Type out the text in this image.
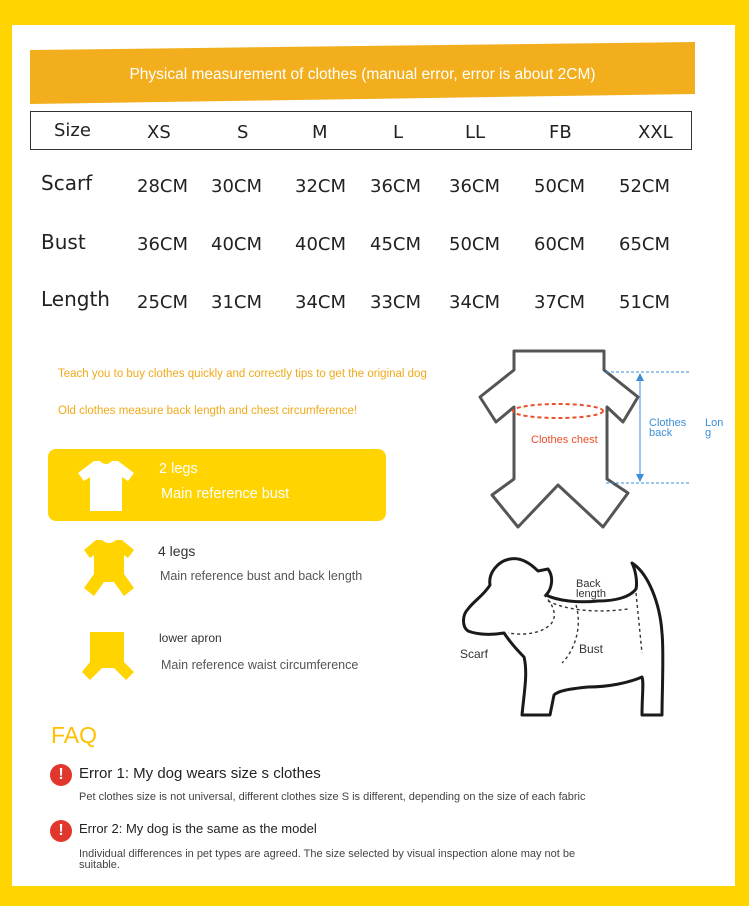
Physical measurement of clothes (manual error, error is about 2CM)
Size	XS	S	M	L	LL	FB	XXL
Scarf 28CM 30CM 32CM 36CM 36CM 50CM 52CM
Bust	36CM 40CM 40CM 45CM 50CM 60CM 65CM
Length 25CM 31CM 34CM 33CM 34CM 37CM 51CM
Teach you to buy clothes quickly and correctly tips to get the original dog
Old clothes measure back length and chest circumference!
2 legs
Main reference bust
4 legs
Main reference bust and back length
lower apron
Main reference waist circumference
Clothes chest
Clothes back
Long
Back length
Scarf	Bust
FAQ
!	Error 1: My dog wears size s clothes
Pet clothes size is not universal, different clothes size S is different, depending on the size of each fabric
!	Error 2: My dog is the same as the model
Individual differences in pet types are agreed. The size selected by visual inspection alone may not be suitable.
